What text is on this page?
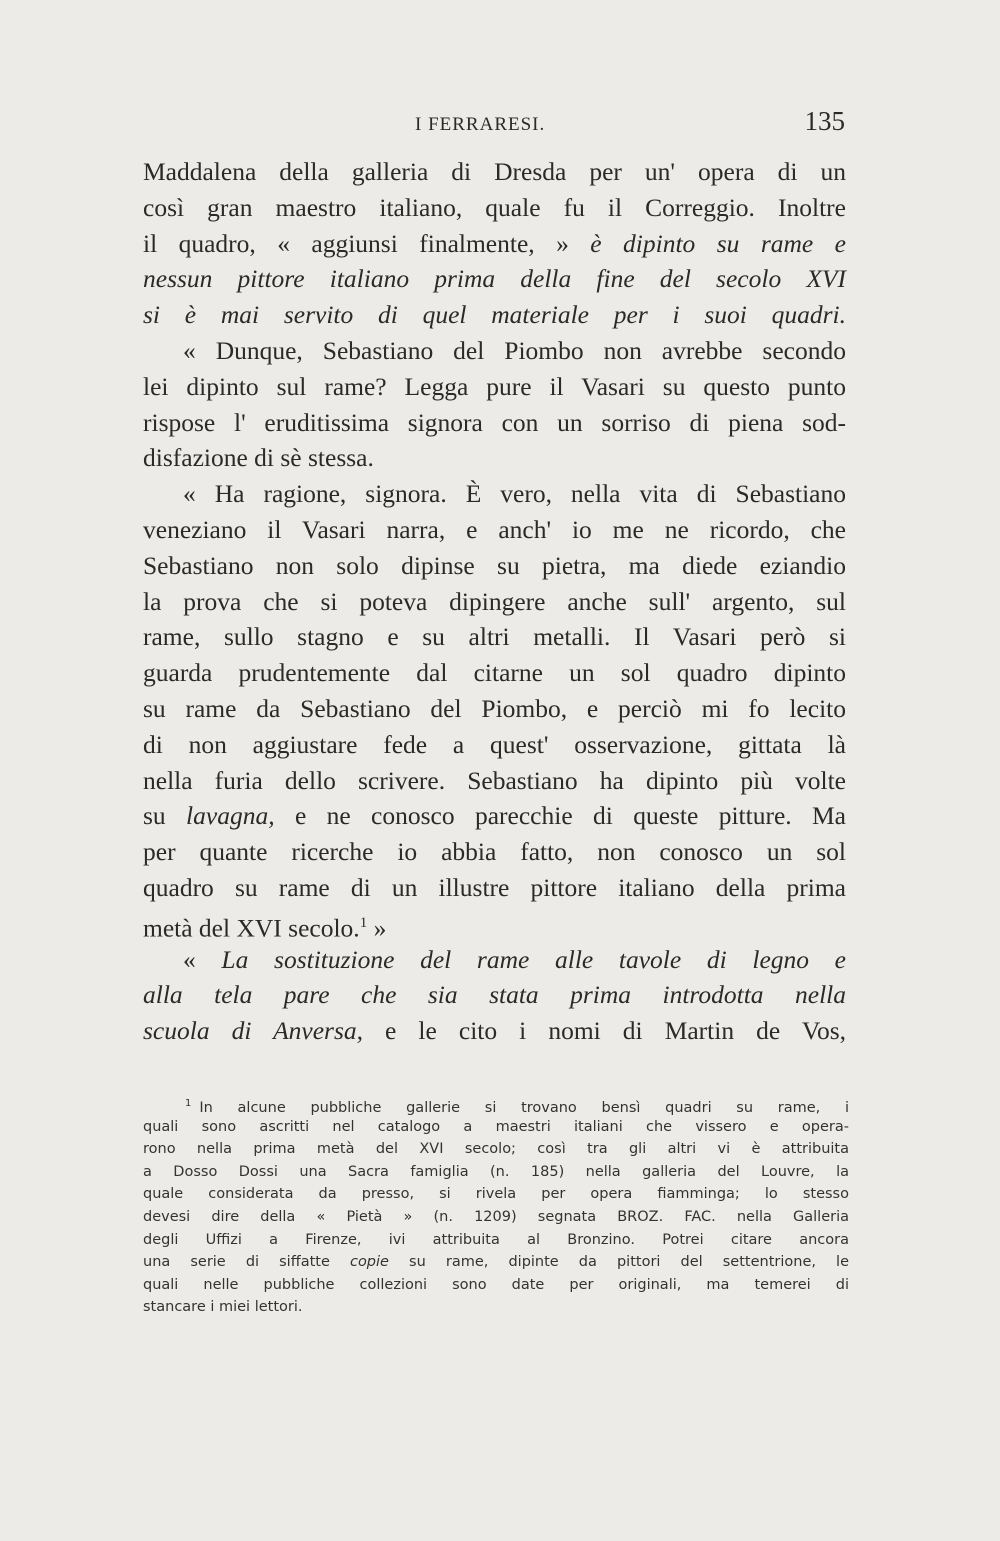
I FERRARESI.	135
Maddalena della galleria di Dresda per un' opera di un
così gran maestro italiano, quale fu il Correggio. Inoltre
il quadro, « aggiunsi finalmente, » è dipinto su rame e
nessun pittore italiano prima della fine del secolo XVI
si è mai servito di quel materiale per i suoi quadri.
« Dunque, Sebastiano del Piombo non avrebbe secondo
lei dipinto sul rame? Legga pure il Vasari su questo punto
rispose l' eruditissima signora con un sorriso di piena sod-
disfazione di sè stessa.
« Ha ragione, signora. È vero, nella vita di Sebastiano
veneziano il Vasari narra, e anch' io me ne ricordo, che
Sebastiano non solo dipinse su pietra, ma diede eziandio
la prova che si poteva dipingere anche sull' argento, sul
rame, sullo stagno e su altri metalli. Il Vasari però si
guarda prudentemente dal citarne un sol quadro dipinto
su rame da Sebastiano del Piombo, e perciò mi fo lecito
di non aggiustare fede a quest' osservazione, gittata là
nella furia dello scrivere. Sebastiano ha dipinto più volte
su lavagna, e ne conosco parecchie di queste pitture. Ma
per quante ricerche io abbia fatto, non conosco un sol
quadro su rame di un illustre pittore italiano della prima
metà del XVI secolo.$^1$ »
« La sostituzione del rame alle tavole di legno e
alla tela pare che sia stata prima introdotta nella
scuola di Anversa, e le cito i nomi di Martin de Vos,
$^1$ In alcune pubbliche gallerie si trovano bensì quadri su rame, i
quali sono ascritti nel catalogo a maestri italiani che vissero e opera-
rono nella prima metà del XVI secolo; così tra gli altri vi è attribuita
a Dosso Dossi una Sacra famiglia (n. 185) nella galleria del Louvre, la
quale considerata da presso, si rivela per opera fiamminga; lo stesso
devesi dire della « Pietà » (n. 1209) segnata BROZ. FAC. nella Galleria
degli Uffizi a Firenze, ivi attribuita al Bronzino. Potrei citare ancora
una serie di siffatte copie su rame, dipinte da pittori del settentrione, le
quali nelle pubbliche collezioni sono date per originali, ma temerei di
stancare i miei lettori.
